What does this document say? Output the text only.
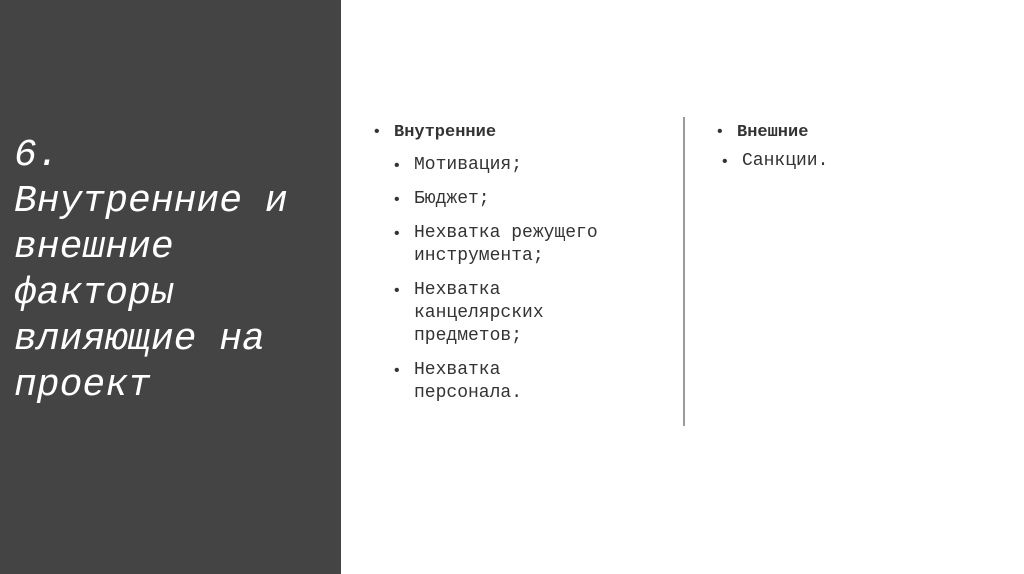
6.
Внутренние и
внешние
факторы
влияющие на
проект
• Внутренние
• Мотивация;
• Бюджет;
• Нехватка режущего
инструмента;
• Нехватка
канцелярских
предметов;
• Нехватка
персонала.
• Внешние
• Санкции.
